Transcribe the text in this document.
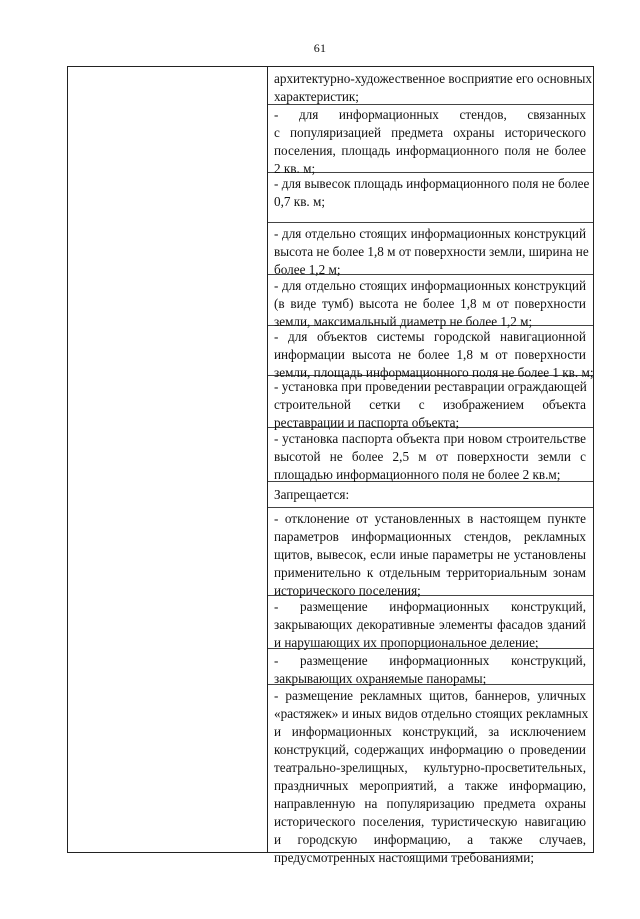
61
архитектурно-художественное восприятие его основных
характеристик;
- для информационных стендов, связанных
с популяризацией предмета охраны исторического
поселения, площадь информационного поля не более
2 кв. м;
- для вывесок площадь информационного поля не более
0,7 кв. м;
- для отдельно стоящих информационных конструкций
высота не более 1,8 м от поверхности земли, ширина не
более 1,2 м;
- для отдельно стоящих информационных конструкций
(в виде тумб) высота не более 1,8 м от поверхности
земли, максимальный диаметр не более 1,2 м;
- для объектов системы городской навигационной
информации высота не более 1,8 м от поверхности
земли, площадь информационного поля не более 1 кв. м;
- установка при проведении реставрации ограждающей
строительной сетки с изображением объекта
реставрации и паспорта объекта;
- установка паспорта объекта при новом строительстве
высотой не более 2,5 м от поверхности земли с
площадью информационного поля не более 2 кв.м;
Запрещается:
- отклонение от установленных в настоящем пункте
параметров информационных стендов, рекламных
щитов, вывесок, если иные параметры не установлены
применительно к отдельным территориальным зонам
исторического поселения;
- размещение информационных конструкций,
закрывающих декоративные элементы фасадов зданий
и нарушающих их пропорциональное деление;
- размещение информационных конструкций,
закрывающих охраняемые панорамы;
- размещение рекламных щитов, баннеров, уличных
«растяжек» и иных видов отдельно стоящих рекламных
и информационных конструкций, за исключением
конструкций, содержащих информацию о проведении
театрально-зрелищных, культурно-просветительных,
праздничных мероприятий, а также информацию,
направленную на популяризацию предмета охраны
исторического поселения, туристическую навигацию
и городскую информацию, а также случаев,
предусмотренных настоящими требованиями;
